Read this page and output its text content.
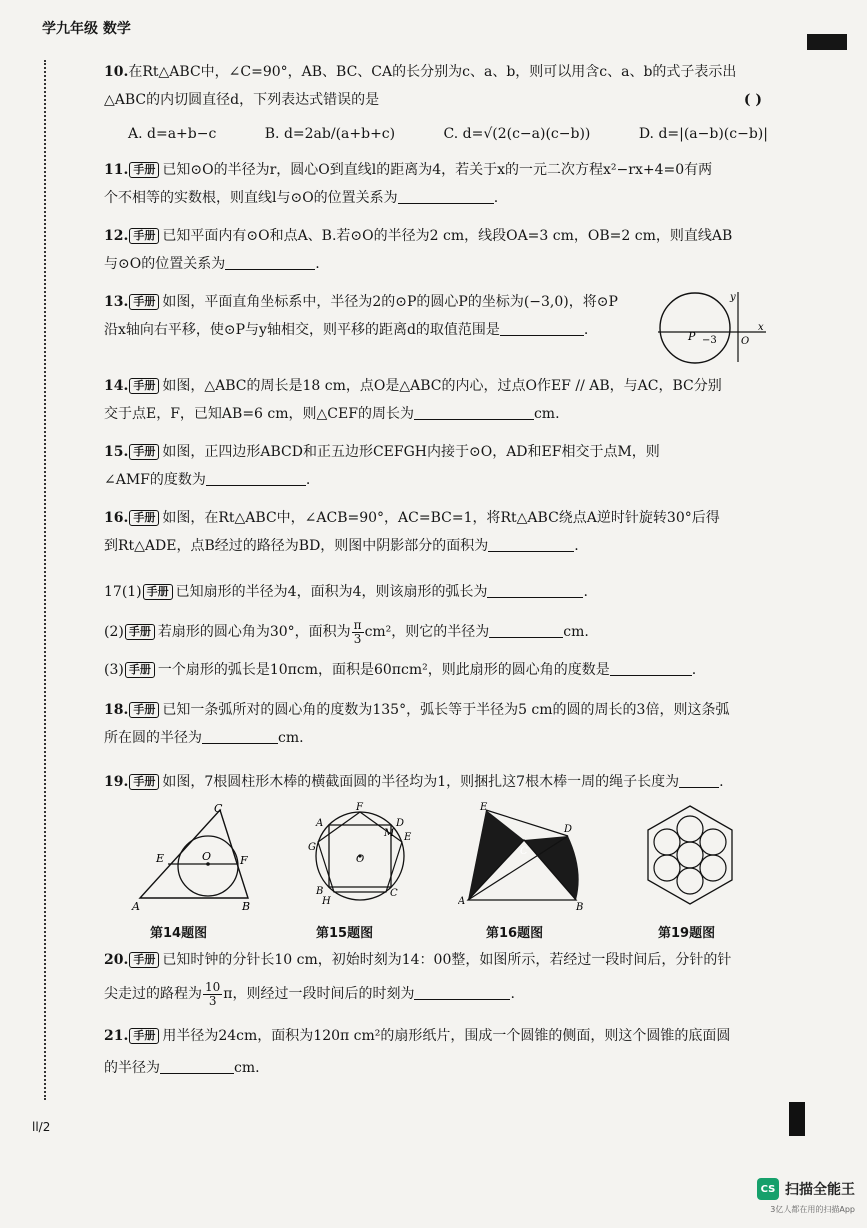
学九年级 数学

10.在Rt△ABC中，∠C=90°，AB、BC、CA的长分别为c、a、b，则可以用含c、a、b的式子表示出

△ABC的内切圆直径d，下列表达式错误的是	( )

A. d=a+b−c	B. d=2ab/(a+b+c)	C. d=√(2(c−a)(c−b))	D. d=|(a−b)(c−b)|

11. 手册 已知⊙O的半径为r，圆心O到直线l的距离为4，若关于x的一元二次方程x²−rx+4=0有两

个不相等的实数根，则直线l与⊙O的位置关系为	.

12. 手册 已知平面内有⊙O和点A、B.若⊙O的半径为2 cm，线段OA=3 cm，OB=2 cm，则直线AB

与⊙O的位置关系为	.

13. 手册 如图，平面直角坐标系中，半径为2的⊙P的圆心P的坐标为(−3,0)，将⊙P

沿x轴向右平移，使⊙P与y轴相交，则平移的距离d的取值范围是	.	P −3 O
x
y

14. 手册 如图，△ABC的周长是18 cm，点O是△ABC的内心，过点O作EF // AB，与AC，BC分别

交于点E，F，已知AB=6 cm，则△CEF的周长为	cm.

15. 手册 如图，正四边形ABCD和正五边形CEFGH内接于⊙O，AD和EF相交于点M，则

∠AMF的度数为	.

16. 手册 如图，在Rt△ABC中，∠ACB=90°，AC=BC=1，将Rt△ABC绕点A逆时针旋转30°后得

到Rt△ADE，点B经过的路径为BD，则图中阴影部分的面积为	.

17(1) 手册 已知扇形的半径为4，面积为4，则该扇形的弧长为	.

(2) 手册 若扇形的圆心角为30°，面积为 $\frac{\pi}{3} cm^2$，则它的半径为	cm.

(3) 手册 一个扇形的弧长是10πcm，面积是60πcm²，则此扇形的圆心角的度数是	.

18. 手册 已知一条弧所对的圆心角的度数为135°，弧长等于半径为5 cm的圆的周长的3倍，则这条弧

所在圆的半径为	cm.

19. 手册 如图，7根圆柱形木棒的横截面圆的半径均为1，则捆扎这7根木棒一周的绳子长度为	.

C
E	F
O
A	B
F
A	D
M E
G
O
B
H
C
E
D
C
A
B
第14题图	第15题图	第16题图	第19题图

20. 手册 已知时钟的分针长10 cm，初始时刻为14：00整，如图所示，若经过一段时间后，分针的针

尖走过的路程为 $\frac{10}{3}$ π，则经过一段时间后的时刻为	.

21. 手册 用半径为24cm，面积为120π cm²的扇形纸片，围成一个圆锥的侧面，则这个圆锥的底面圆

的半径为	cm.

ll/2
CS 扫描全能王
3亿人都在用的扫描App
